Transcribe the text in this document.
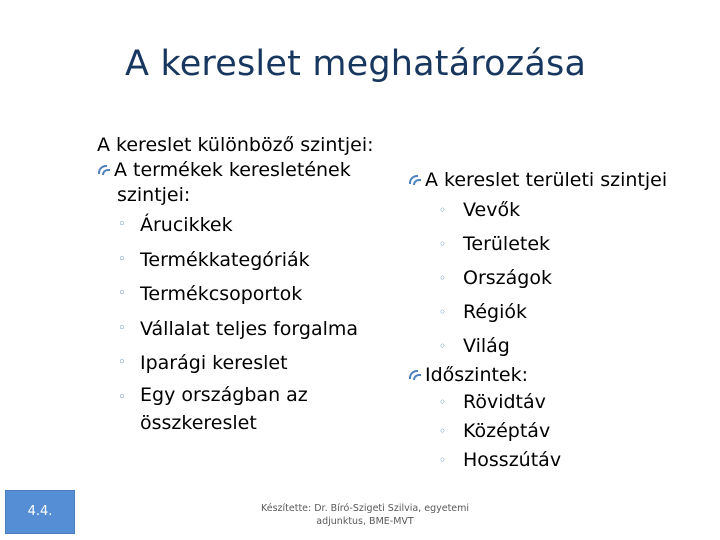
A kereslet meghatározása
A kereslet különböző szintjei:
A termékek keresletének
szintjei:
◦ Árucikkek
◦ Termékkategóriák
◦ Termékcsoportok
◦ Vállalat teljes forgalma
◦ Iparági kereslet
◦ Egy országban az
összkereslet
A kereslet területi szintjei
◦ Vevők
◦ Területek
◦ Országok
◦ Régiók
◦ Világ
Időszintek:
◦ Rövidtáv
◦ Középtáv
◦ Hosszútáv
4.4.	Készítette: Dr. Bíró-Szigeti Szilvia, egyetemi
adjunktus, BME-MVT
